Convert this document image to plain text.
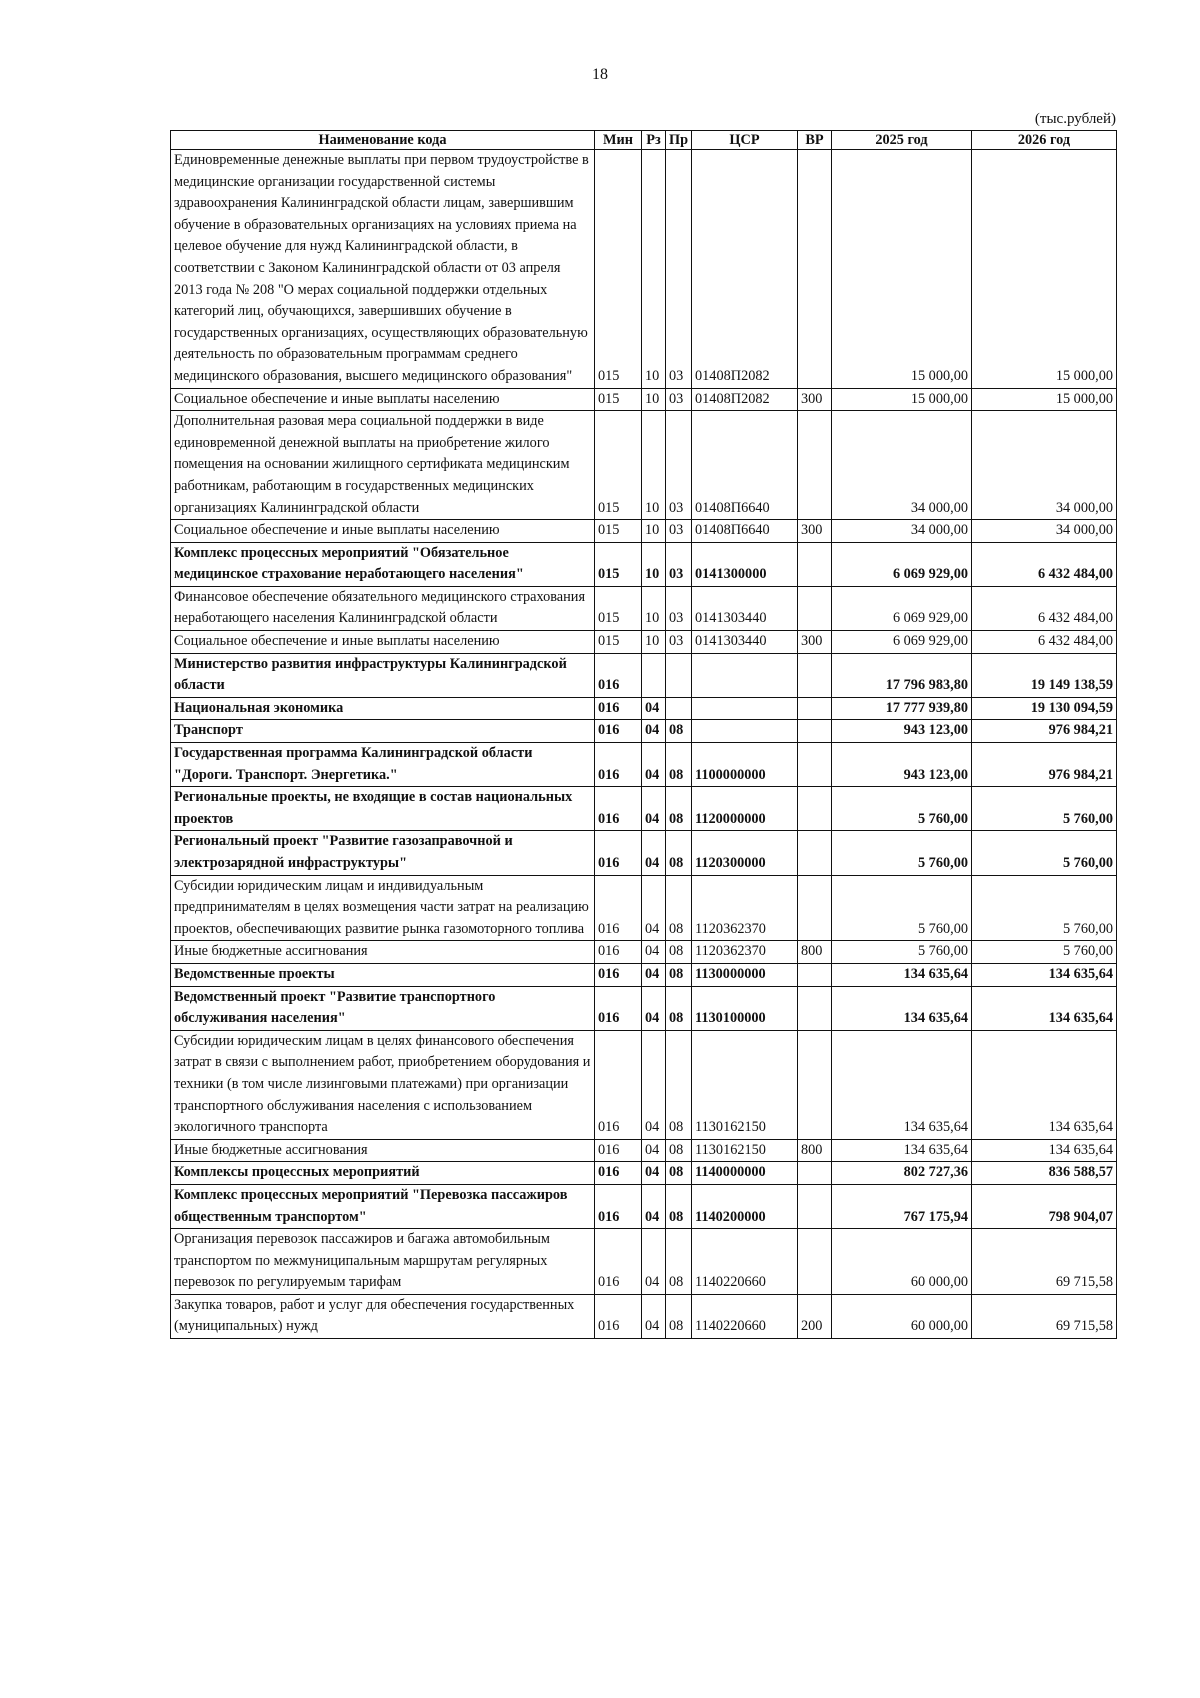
18
(тыс.рублей)
Наименование кода	Мин	Рз	Пр	ЦСР	ВР	2025 год	2026 год
Единовременные денежные выплаты при первом трудоустройстве в медицинские организации государственной системы здравоохранения Калининградской области лицам, завершившим обучение в образовательных организациях на условиях приема на целевое обучение для нужд Калининградской области, в соответствии с Законом Калининградской области от 03 апреля 2013 года № 208 "О мерах социальной поддержки отдельных категорий лиц, обучающихся, завершивших обучение в государственных организациях, осуществляющих образовательную деятельность по образовательным программам среднего медицинского образования, высшего медицинского образования"	015	10	03	01408П2082		15 000,00	15 000,00
Социальное обеспечение и иные выплаты населению	015	10	03	01408П2082	300	15 000,00	15 000,00
Дополнительная разовая мера социальной поддержки в виде единовременной денежной выплаты на приобретение жилого помещения на основании жилищного сертификата медицинским работникам, работающим в государственных медицинских организациях Калининградской области	015	10	03	01408П6640		34 000,00	34 000,00
Социальное обеспечение и иные выплаты населению	015	10	03	01408П6640	300	34 000,00	34 000,00
Комплекс процессных мероприятий "Обязательное медицинское страхование неработающего населения"	015	10	03	0141300000		6 069 929,00	6 432 484,00
Финансовое обеспечение обязательного медицинского страхования неработающего населения Калининградской области	015	10	03	0141303440		6 069 929,00	6 432 484,00
Социальное обеспечение и иные выплаты населению	015	10	03	0141303440	300	6 069 929,00	6 432 484,00
Министерство развития инфраструктуры Калининградской области	016					17 796 983,80	19 149 138,59
Национальная экономика	016	04				17 777 939,80	19 130 094,59
Транспорт	016	04	08			943 123,00	976 984,21
Государственная программа Калининградской области "Дороги. Транспорт. Энергетика."	016	04	08	1100000000		943 123,00	976 984,21
Региональные проекты, не входящие в состав национальных проектов	016	04	08	1120000000		5 760,00	5 760,00
Региональный проект "Развитие газозаправочной и электрозарядной инфраструктуры"	016	04	08	1120300000		5 760,00	5 760,00
Субсидии юридическим лицам и индивидуальным предпринимателям в целях возмещения части затрат на реализацию проектов, обеспечивающих развитие рынка газомоторного топлива	016	04	08	1120362370		5 760,00	5 760,00
Иные бюджетные ассигнования	016	04	08	1120362370	800	5 760,00	5 760,00
Ведомственные проекты	016	04	08	1130000000		134 635,64	134 635,64
Ведомственный проект "Развитие транспортного обслуживания населения"	016	04	08	1130100000		134 635,64	134 635,64
Субсидии юридическим лицам в целях финансового обеспечения затрат в связи с выполнением работ, приобретением оборудования и техники (в том числе лизинговыми платежами) при организации транспортного обслуживания населения с использованием экологичного транспорта	016	04	08	1130162150		134 635,64	134 635,64
Иные бюджетные ассигнования	016	04	08	1130162150	800	134 635,64	134 635,64
Комплексы процессных мероприятий	016	04	08	1140000000		802 727,36	836 588,57
Комплекс процессных мероприятий "Перевозка пассажиров общественным транспортом"	016	04	08	1140200000		767 175,94	798 904,07
Организация перевозок пассажиров и багажа автомобильным транспортом по межмуниципальным маршрутам регулярных перевозок по регулируемым тарифам	016	04	08	1140220660		60 000,00	69 715,58
Закупка товаров, работ и услуг для обеспечения государственных (муниципальных) нужд	016	04	08	1140220660	200	60 000,00	69 715,58
